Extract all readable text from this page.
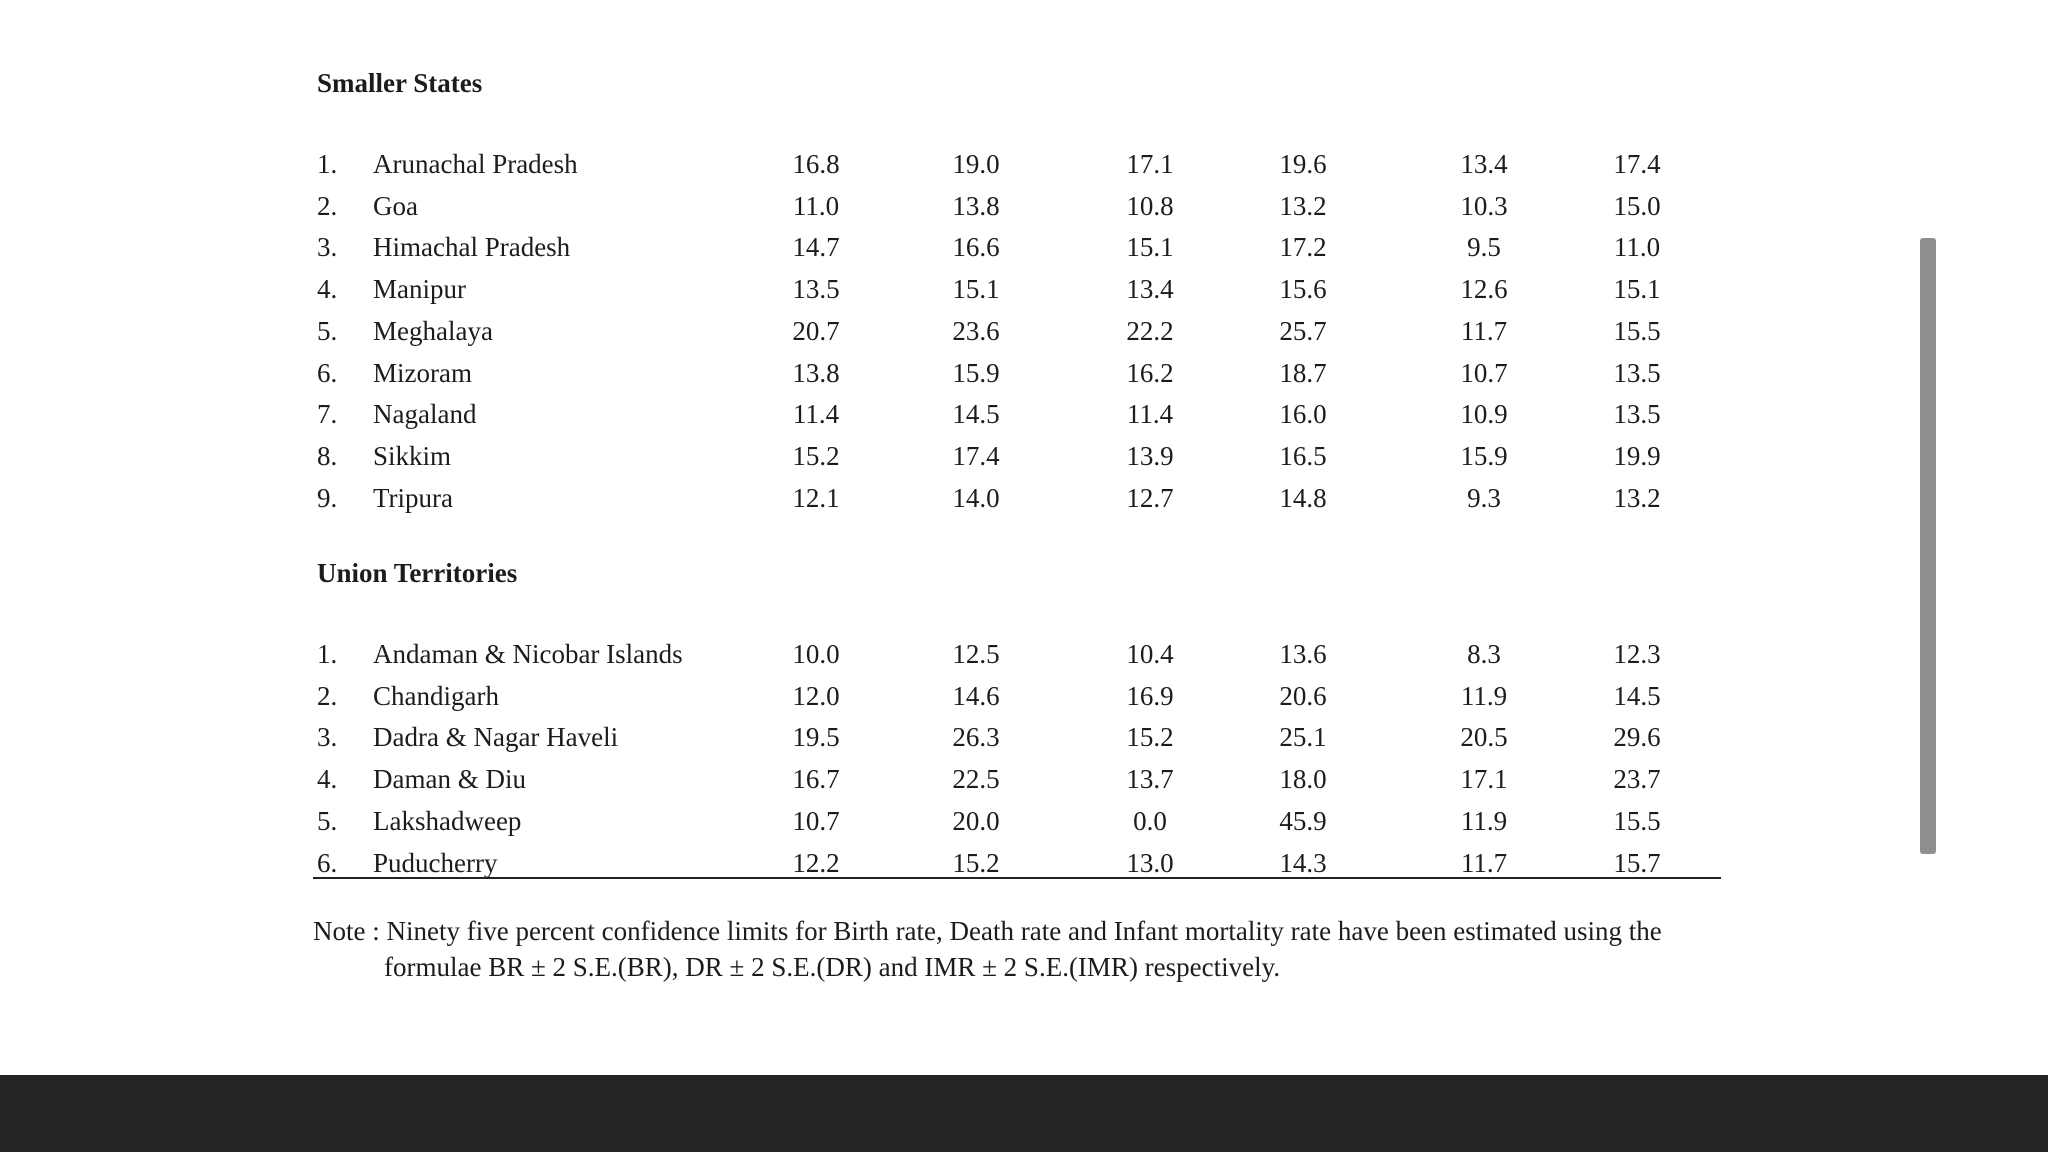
Smaller States
1. Arunachal Pradesh	16.8	19.0	17.1	19.6	13.4	17.4
2. Goa	11.0	13.8	10.8	13.2	10.3	15.0
3. Himachal Pradesh	14.7	16.6	15.1	17.2	9.5	11.0
4. Manipur	13.5	15.1	13.4	15.6	12.6	15.1
5. Meghalaya	20.7	23.6	22.2	25.7	11.7	15.5
6. Mizoram	13.8	15.9	16.2	18.7	10.7	13.5
7. Nagaland	11.4	14.5	11.4	16.0	10.9	13.5
8. Sikkim	15.2	17.4	13.9	16.5	15.9	19.9
9. Tripura	12.1	14.0	12.7	14.8	9.3	13.2
Union Territories
1. Andaman & Nicobar Islands	10.0	12.5	10.4	13.6	8.3	12.3
2. Chandigarh	12.0	14.6	16.9	20.6	11.9	14.5
3. Dadra & Nagar Haveli	19.5	26.3	15.2	25.1	20.5	29.6
4. Daman & Diu	16.7	22.5	13.7	18.0	17.1	23.7
5. Lakshadweep	10.7	20.0	0.0	45.9	11.9	15.5
6. Puducherry	12.2	15.2	13.0	14.3	11.7	15.7
Note : Ninety five percent confidence limits for Birth rate, Death rate and Infant mortality rate have been estimated using the
formulae BR ± 2 S.E.(BR), DR ± 2 S.E.(DR) and IMR ± 2 S.E.(IMR) respectively.
